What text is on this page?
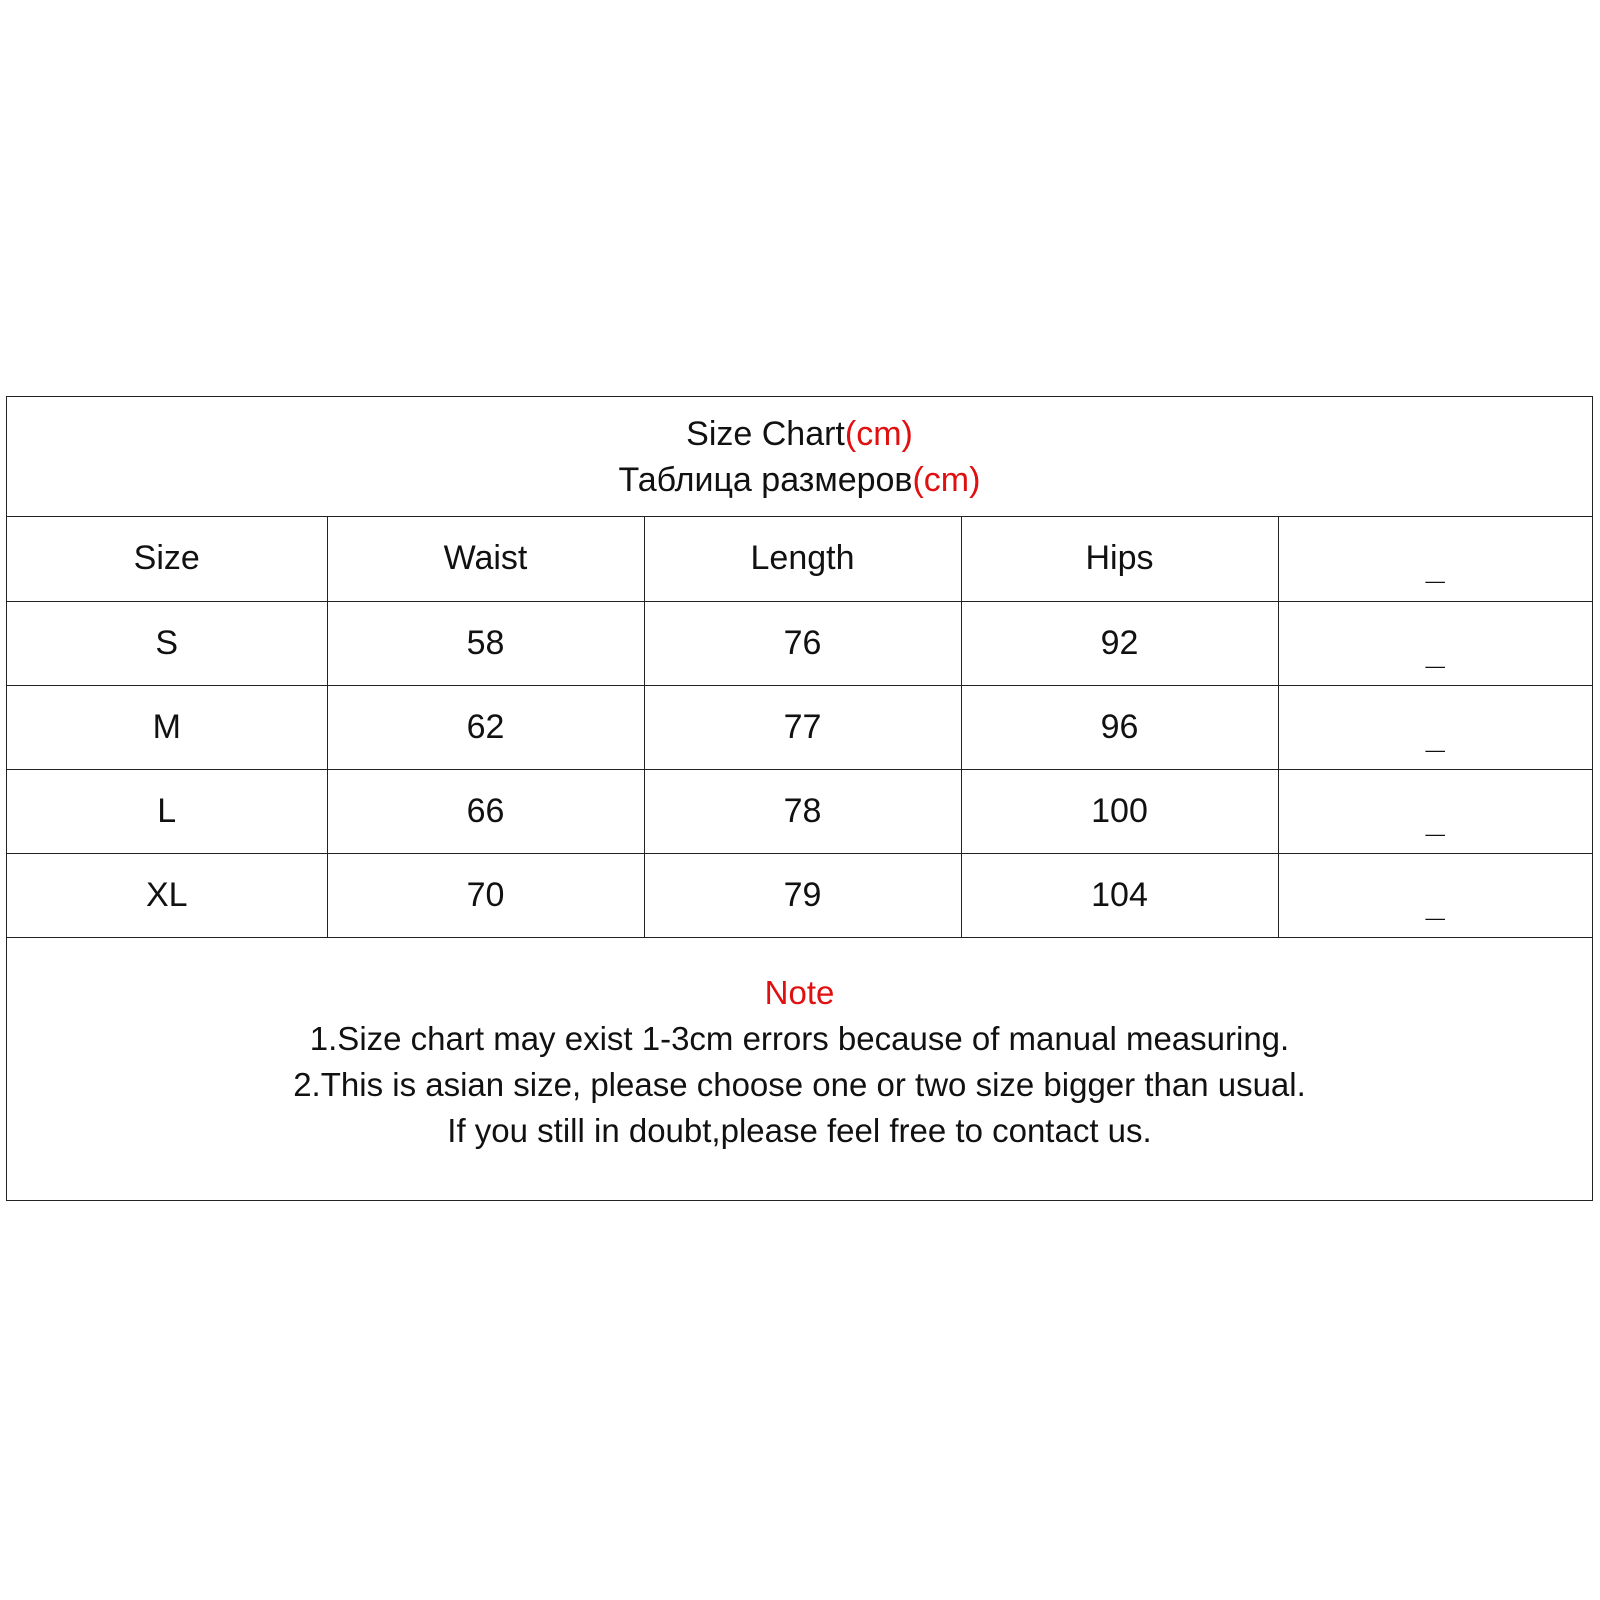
Size Chart(cm)
Таблица размеров(cm)
Size	Waist	Length	Hips	_
S	58	76	92	_
M	62	77	96	_
L	66	78	100	_
XL	70	79	104	_
Note
1.Size chart may exist 1-3cm errors because of manual measuring.
2.This is asian size, please choose one or two size bigger than usual.
If you still in doubt,please feel free to contact us.
